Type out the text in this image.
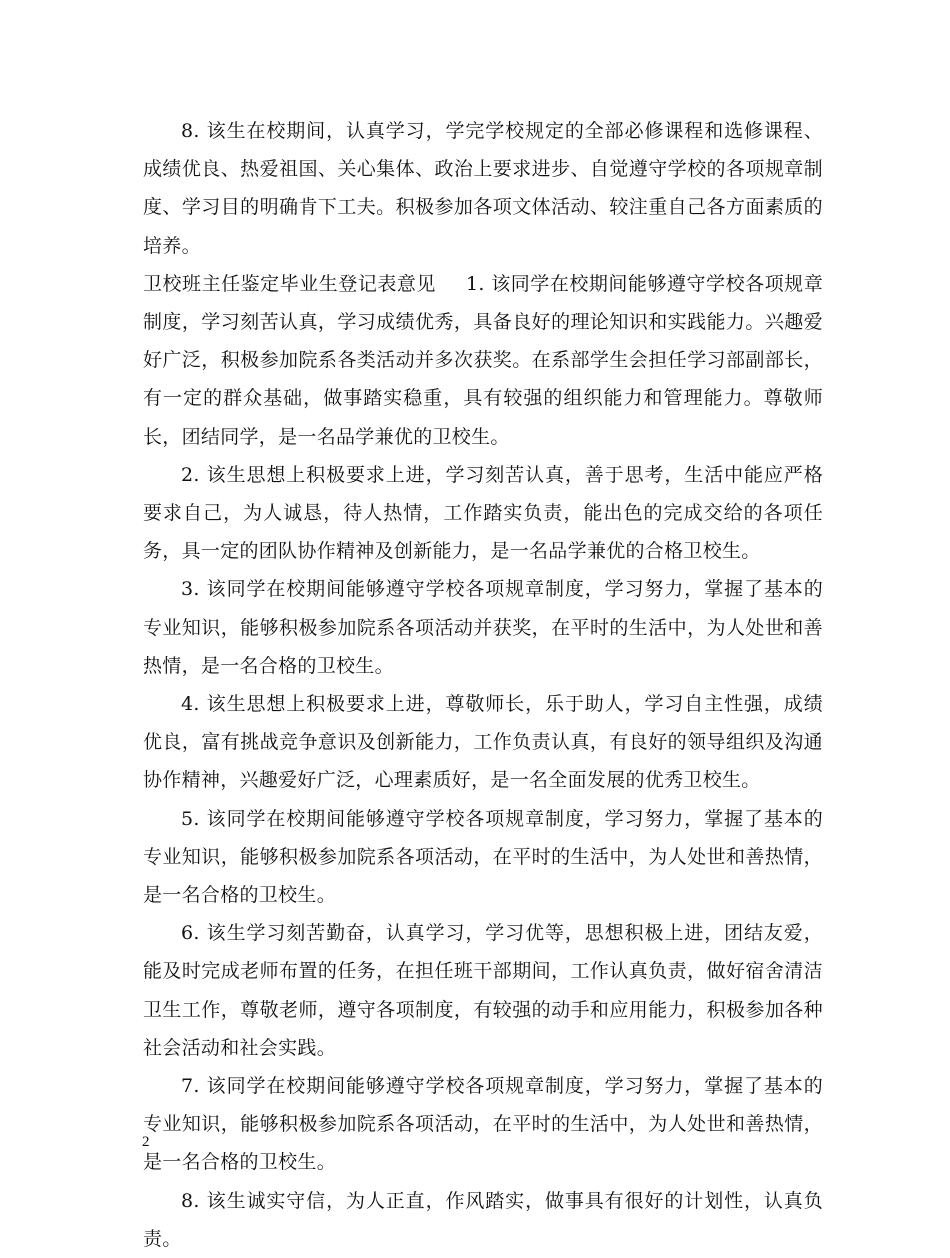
8. 该生在校期间，认真学习，学完学校规定的全部必修课程和选修课程、成绩优良、热爱祖国、关心集体、政治上要求进步、自觉遵守学校的各项规章制度、学习目的明确肯下工夫。积极参加各项文体活动、较注重自己各方面素质的培养。

卫校班主任鉴定毕业生登记表意见 1. 该同学在校期间能够遵守学校各项规章制度，学习刻苦认真，学习成绩优秀，具备良好的理论知识和实践能力。兴趣爱好广泛，积极参加院系各类活动并多次获奖。在系部学生会担任学习部副部长，有一定的群众基础，做事踏实稳重，具有较强的组织能力和管理能力。尊敬师长，团结同学，是一名品学兼优的卫校生。

2. 该生思想上积极要求上进，学习刻苦认真，善于思考，生活中能应严格要求自己，为人诚恳，待人热情，工作踏实负责，能出色的完成交给的各项任务，具一定的团队协作精神及创新能力，是一名品学兼优的合格卫校生。

3. 该同学在校期间能够遵守学校各项规章制度，学习努力，掌握了基本的专业知识，能够积极参加院系各项活动并获奖，在平时的生活中，为人处世和善热情，是一名合格的卫校生。

4. 该生思想上积极要求上进，尊敬师长，乐于助人，学习自主性强，成绩优良，富有挑战竞争意识及创新能力，工作负责认真，有良好的领导组织及沟通协作精神，兴趣爱好广泛，心理素质好，是一名全面发展的优秀卫校生。

5. 该同学在校期间能够遵守学校各项规章制度，学习努力，掌握了基本的专业知识，能够积极参加院系各项活动，在平时的生活中，为人处世和善热情，是一名合格的卫校生。

6. 该生学习刻苦勤奋，认真学习，学习优等，思想积极上进，团结友爱，能及时完成老师布置的任务，在担任班干部期间，工作认真负责，做好宿舍清洁卫生工作，尊敬老师，遵守各项制度，有较强的动手和应用能力，积极参加各种社会活动和社会实践。

7. 该同学在校期间能够遵守学校各项规章制度，学习努力，掌握了基本的专业知识，能够积极参加院系各项活动，在平时的生活中，为人处世和善热情，是一名合格的卫校生。

8. 该生诚实守信，为人正直，作风踏实，做事具有很好的计划性，认真负责。

2
